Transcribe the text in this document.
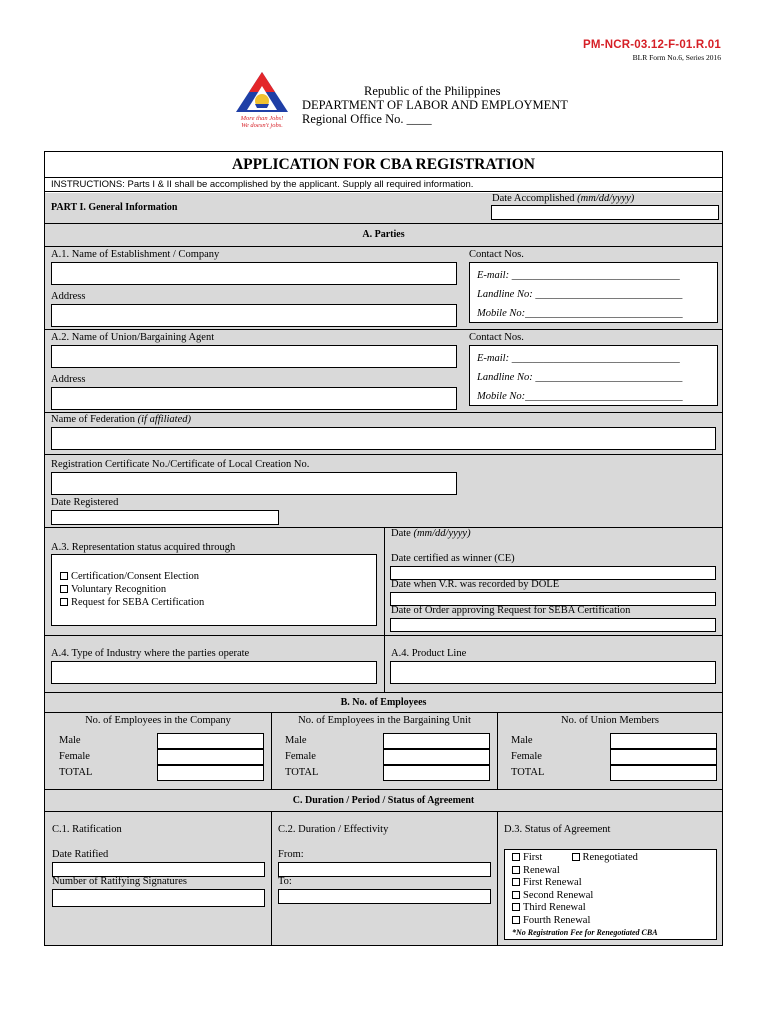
PM-NCR-03.12-F-01.R.01
BLR Form No.6, Series 2016
More than Jobs!
We doesn't jobs.
Republic of the Philippines
DEPARTMENT OF LABOR AND EMPLOYMENT
Regional Office No. ____
APPLICATION FOR CBA REGISTRATION
INSTRUCTIONS: Parts I & II shall be accomplished by the applicant. Supply all required information.
PART I. General Information
Date Accomplished (mm/dd/yyyy)
A. Parties
A.1. Name of Establishment / Company
Address
Contact Nos.
E-mail: ________________________________
Landline No: ____________________________
Mobile No:______________________________
A.2. Name of Union/Bargaining Agent
Address
Contact Nos.
E-mail: ________________________________
Landline No: ____________________________
Mobile No:______________________________
Name of Federation (if affiliated)
Registration Certificate No./Certificate of Local Creation No.
Date Registered
A.3. Representation status acquired through
Certification/Consent Election
Voluntary Recognition
Request for SEBA Certification
Date (mm/dd/yyyy)
Date certified as winner (CE)
Date when V.R. was recorded by DOLE
Date of Order approving Request for SEBA Certification
A.4. Type of Industry where the parties operate	A.4. Product Line
B. No. of Employees
No. of Employees in the Company
Male
Female
TOTAL
No. of Employees in the Bargaining Unit
Male
Female
TOTAL
No. of Union Members
Male
Female
TOTAL
C. Duration / Period / Status of Agreement
C.1. Ratification
Date Ratified
Number of Ratifying Signatures
C.2. Duration / Effectivity
From:
To:
D.3. Status of Agreement
First	Renegotiated
Renewal
First Renewal
Second Renewal
Third Renewal
Fourth Renewal
*No Registration Fee for Renegotiated CBA
